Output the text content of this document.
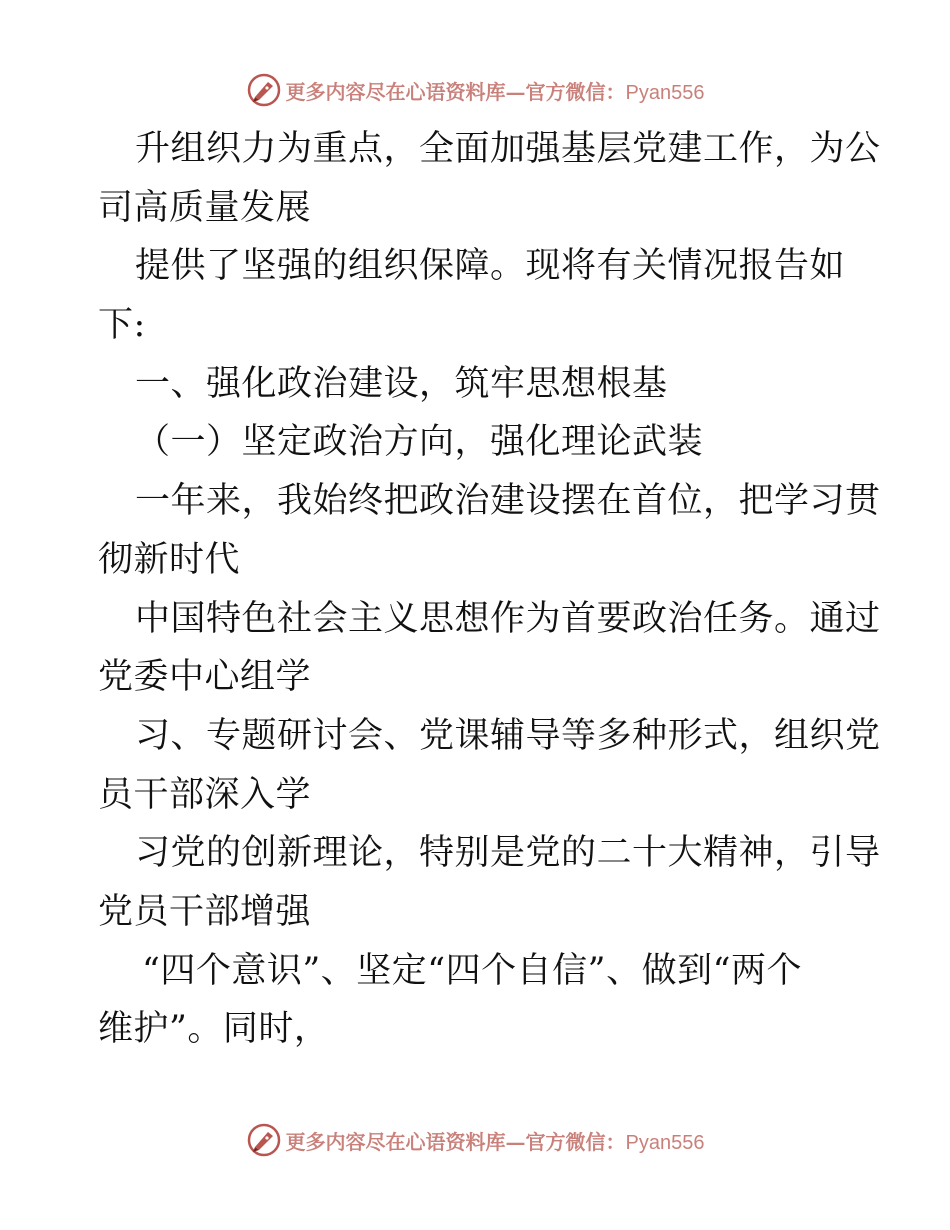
更多内容尽在心语资料库—官方微信：Pyan556
升组织力为重点，全面加强基层党建工作，为公
司高质量发展
提供了坚强的组织保障。现将有关情况报告如
下:
一、强化政治建设，筑牢思想根基
（一）坚定政治方向，强化理论武装
一年来，我始终把政治建设摆在首位，把学习贯
彻新时代
中国特色社会主义思想作为首要政治任务。通过
党委中心组学
习、专题研讨会、党课辅导等多种形式，组织党
员干部深入学
习党的创新理论，特别是党的二十大精神，引导
党员干部增强
“四个意识”、坚定“四个自信”、做到“两个
维护”。同时，
更多内容尽在心语资料库—官方微信：Pyan556
